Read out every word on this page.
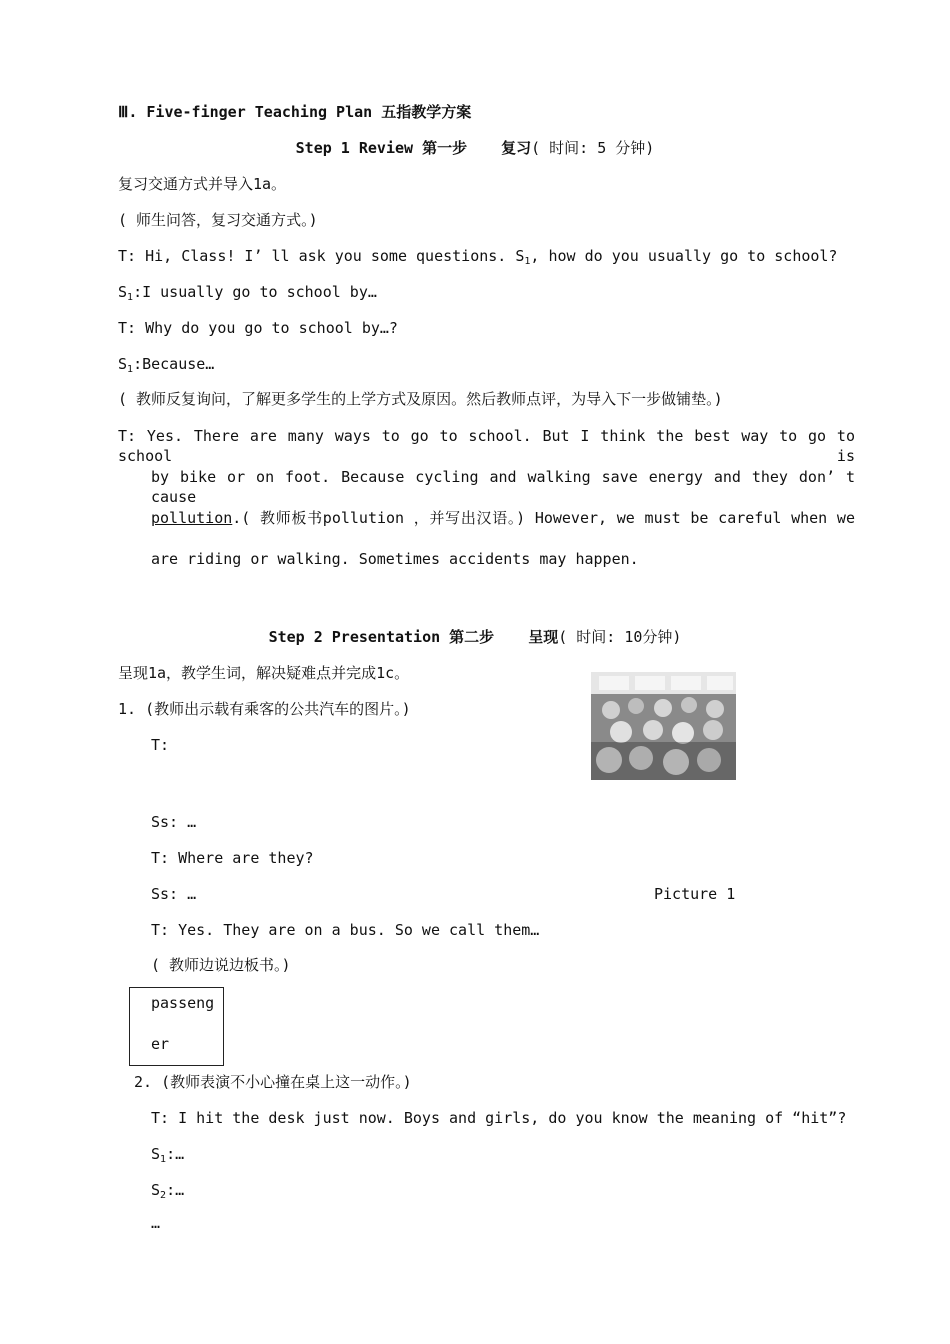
Ⅲ. Five-finger Teaching Plan 五指教学方案
Step 1 Review 第一步 复习( 时间: 5 分钟)
复习交通方式并导入1a。
( 师生问答，复习交通方式。)
T: Hi, Class! I’ ll ask you some questions. $S_1$, how do you usually go to school?
$S_1:I$ usually go to school by…
T: Why do you go to school by…?
$S_1:Because\dots$
( 教师反复询问，了解更多学生的上学方式及原因。然后教师点评，为导入下一步做铺垫。)
T: Yes. There are many ways to go to school. But I think the best way to go to school is
by bike or on foot. Because cycling and walking save energy and they don’ t cause
pollution.( 教师板书pollution ，并写出汉语。) However, we must be careful when we
are riding or walking. Sometimes accidents may happen.
Step 2 Presentation 第二步 呈现( 时间: 10分钟)
呈现1a，教学生词，解决疑难点并完成1c。
1. (教师出示载有乘客的公共汽车的图片。)
T:
Ss: …
T: Where are they?
Ss: …	Picture 1
T: Yes. They are on a bus. So we call them…
( 教师边说边板书。)
passeng
er
2. (教师表演不小心撞在桌上这一动作。)
T: I hit the desk just now. Boys and girls, do you know the meaning of “hit”?
$S_1:\dots$
$S_2:\dots$
…
